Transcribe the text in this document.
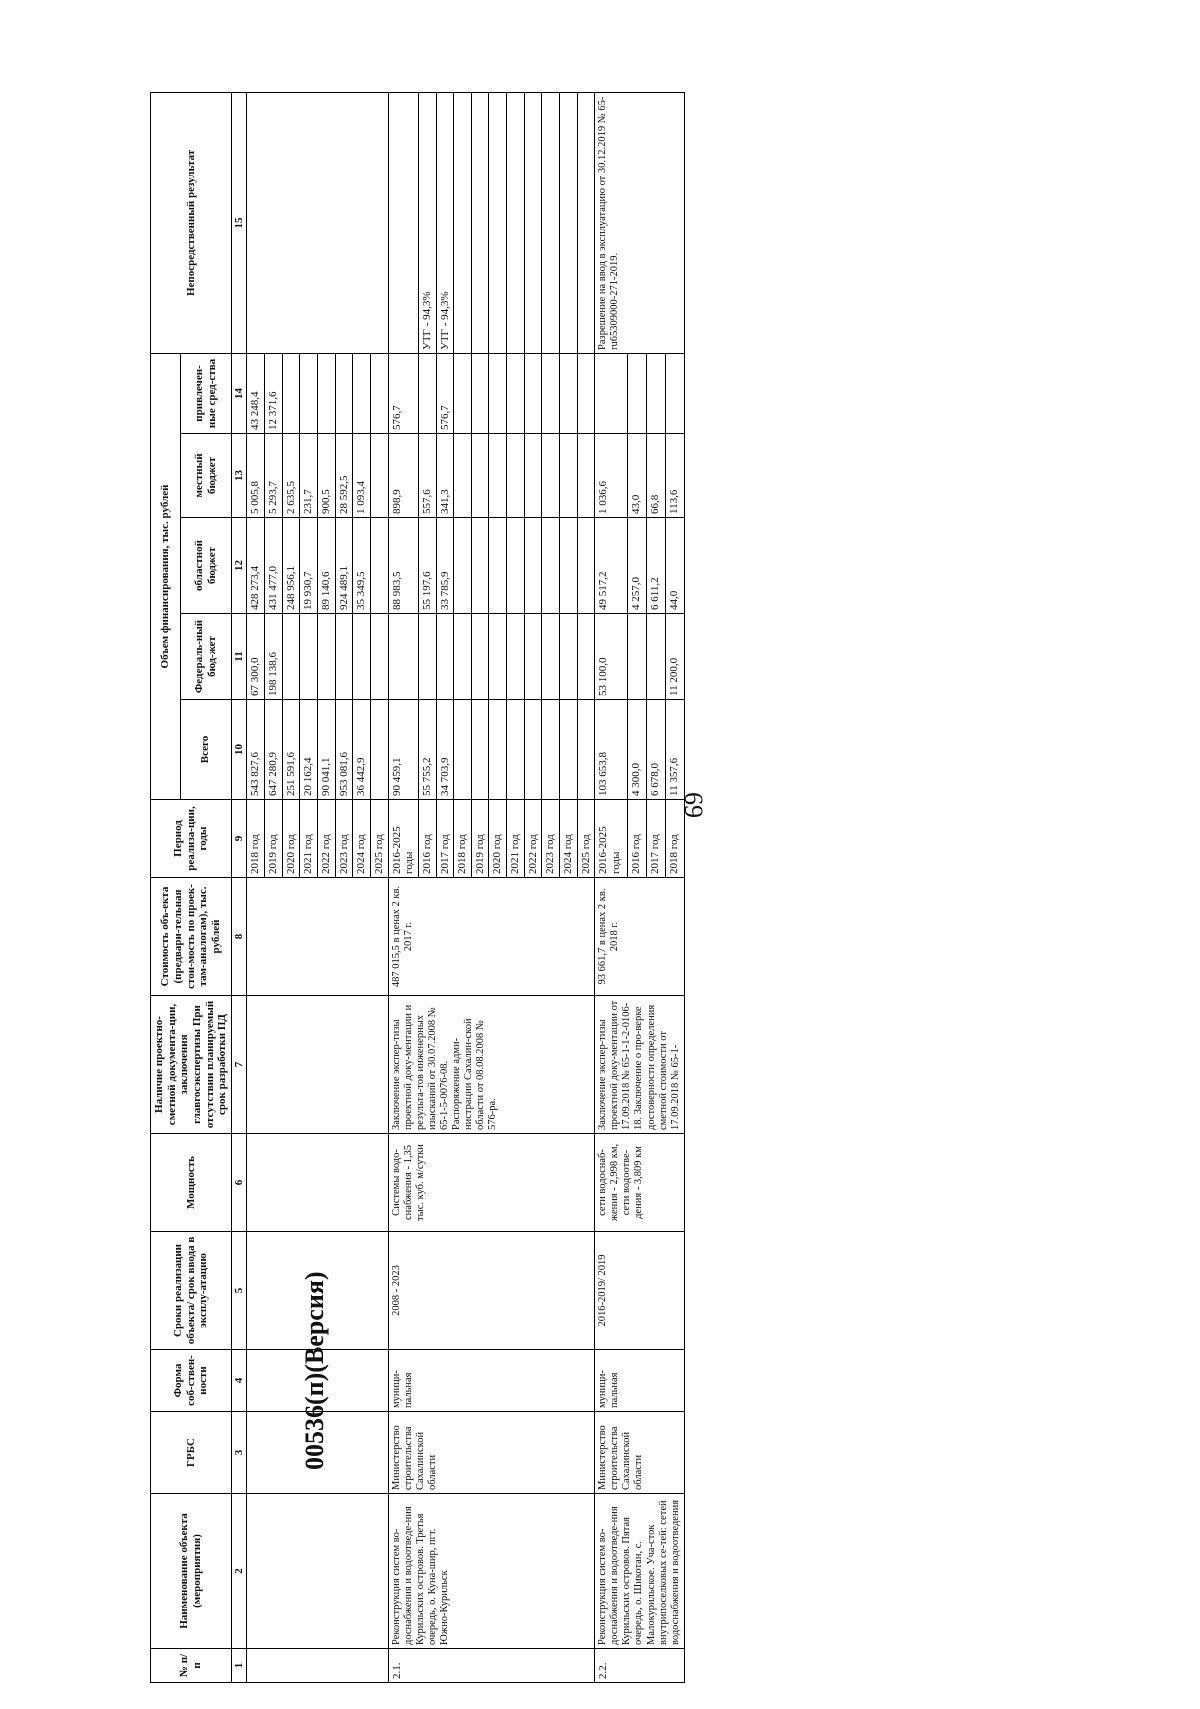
69
№ п/п	Наименование объекта (мероприятия)	ГРБС	Форма соб-ствен-ности	Сроки реализации объекта/ срок ввода в эксплу-атацию	Мощность	Наличие проектно-сметной документа-ции, заключения главгосэкспертизы При отсутствии планируемый срок разработки ПД	Стоимость объ-екта (предвари-тельная стои-мость по проек-там-аналогам), тыс. рублей	Период реализа-ции, годы	Объем финансирования, тыс. рублей					Непосредственный результат
									Всего	Федераль-ный бюд-жет	областной бюджет	местный бюджет	привлечен-ные сред-ства	
1	2	3	4	5	6	7	8	9	10	11	12	13	14	15
								2018 год	543 827,6	67 300,0	428 273,4	5 005,8	43 248,4	
								2019 год	647 280,9	198 138,6	431 477,0	5 293,7	12 371,6	
								2020 год	251 591,6		248 956,1	2 635,5		
								2021 год	20 162,4		19 930,7	231,7		
								2022 год	90 041,1		89 140,6	900,5		
								2023 год	953 081,6		924 489,1	28 592,5		
								2024 год	36 442,9		35 349,5	1 093,4		
								2025 год						
2.1.	Реконструкция систем во-доснабжения и водоотведе-ния Курильских островов. Третья очередь, о. Куна-шир, пгт. Южно-Курильск	Министерство строительства Сахалинской области	муници-пальная	2008 - 2023	Системы водо-снабжения - 1,35 тыс. куб. м/сутки	Заключение экспер-тизы проектной доку-ментации и результа-тов инженерных изысканий от 30.07.2008 № 65-1-5-0076-08. Распоряжение адми-нистрации Сахалин-ской области от 08.08.2008 № 576-ра.	487 015,5 в ценах 2 кв. 2017 г.	2016-2025 годы	90 459,1		88 983,5	898,9	576,7	
								2016 год	55 755,2		55 197,6	557,6		УТГ - 94,3%
								2017 год	34 703,9		33 785,9	341,3	576,7	УТГ - 94,3%
								2018 год						
								2019 год						
								2020 год						
								2021 год						
								2022 год						
								2023 год						
								2024 год						
								2025 год						
2.2.	Реконструкция систем во-доснабжения и водоотведе-ния Курильских островов. Пятая очередь, о. Шикотан, с. Малокурильское. Уча-сток внутрипоселковых се-тей: сетей водоснабжения и водоотведения	Министерство строительства Сахалинской области	муници-пальная	2016-2019/ 2019	сети водоснаб-жения - 2,998 км, сети водоотве-дения - 3,809 км	Заключение экспер-тизы проектной доку-ментации от 17.09.2018 № 65-1-1-2-0106-18. Заключение о про-верке достоверности определения сметной стоимости от 17.09.2018 № 65-1-	93 661,7 в ценах 2 кв. 2018 г.	2016-2025 годы	103 653,8	53 100,0	49 517,2	1 036,6		Разрешение на ввод в эксплуатацию от 30.12.2019 № 65-ru65309000-271-2019.
								2016 год	4 300,0		4 257,0	43,0		
								2017 год	6 678,0		6 611,2	66,8		
								2018 год	11 357,6	11 200,0	44,0	113,6		
00536(п)(Версия)
